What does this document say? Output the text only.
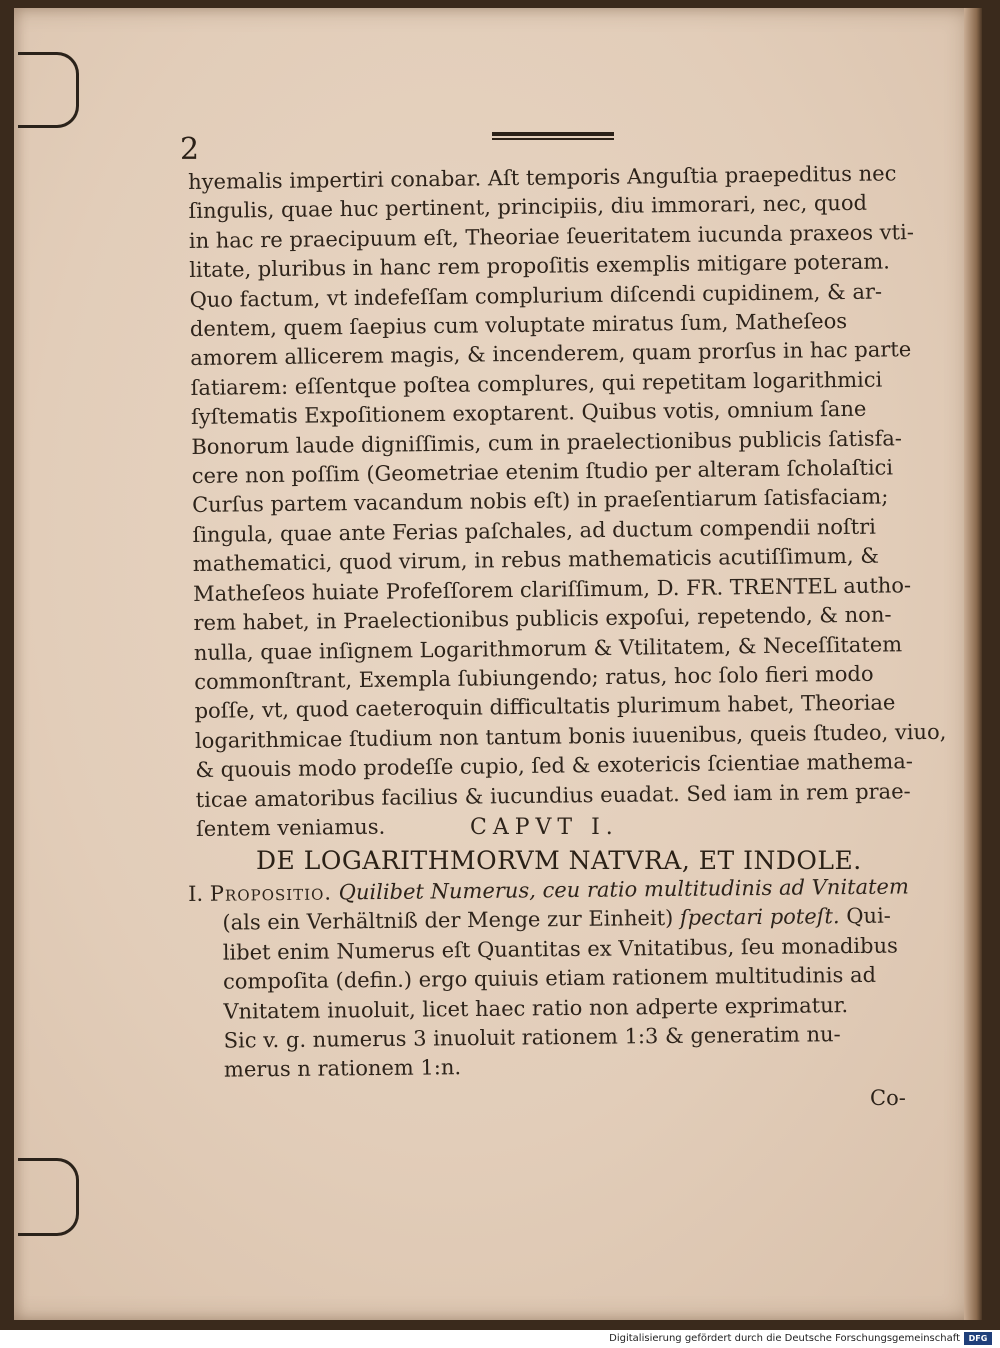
2
hyemalis impertiri conabar. Aſt temporis Anguſtia praepeditus nec
ſingulis, quae huc pertinent, principiis, diu immorari, nec, quod
in hac re praecipuum eſt, Theoriae ſeueritatem iucunda praxeos vti-
litate, pluribus in hanc rem propoſitis exemplis mitigare poteram.
Quo factum, vt indefeſſam complurium diſcendi cupidinem, & ar-
dentem, quem ſaepius cum voluptate miratus ſum, Matheſeos
amorem allicerem magis, & incenderem, quam prorſus in hac parte
ſatiarem: eſſentque poſtea complures, qui repetitam logarithmici
ſyſtematis Expoſitionem exoptarent. Quibus votis, omnium ſane
Bonorum laude digniſſimis, cum in praelectionibus publicis ſatisfa-
cere non poſſim (Geometriae etenim ſtudio per alteram ſcholaſtici
Curſus partem vacandum nobis eſt) in praeſentiarum ſatisfaciam;
ſingula, quae ante Ferias paſchales, ad ductum compendii noſtri
mathematici, quod virum, in rebus mathematicis acutiſſimum, &
Matheſeos huiate Profeſſorem clariſſimum, D. FR. TRENTEL autho-
rem habet, in Praelectionibus publicis expoſui, repetendo, & non-
nulla, quae inſignem Logarithmorum & Vtilitatem, & Neceſſitatem
commonſtrant, Exempla ſubiungendo; ratus, hoc ſolo fieri modo
poſſe, vt, quod caeteroquin difficultatis plurimum habet, Theoriae
logarithmicae ſtudium non tantum bonis iuuenibus, queis ſtudeo, viuo,
& quouis modo prodeſſe cupio, ſed & exotericis ſcientiae mathema-
ticae amatoribus facilius & iucundius euadat. Sed iam in rem prae-
ſentem veniamus.	CAPVT I.
DE LOGARITHMORVM NATVRA, ET INDOLE.
I. Propositio. Quilibet Numerus, ceu ratio multitudinis ad Vnitatem
(als ein Verhältniß der Menge zur Einheit) ſpectari poteſt. Qui-
libet enim Numerus eſt Quantitas ex Vnitatibus, ſeu monadibus
compoſita (defin.) ergo quiuis etiam rationem multitudinis ad
Vnitatem inuoluit, licet haec ratio non adperte exprimatur.
Sic v. g. numerus 3 inuoluit rationem 1:3 & generatim nu-
merus n rationem 1:n.
Co-
Digitalisierung gefördert durch die Deutsche Forschungsgemeinschaft	DFG
